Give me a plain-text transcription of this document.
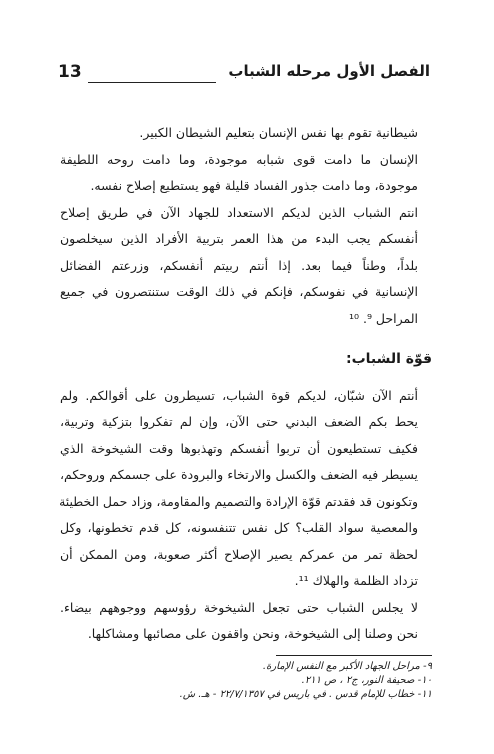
13	الفصل الأول مرحله الشباب

شيطانية تقوم بها نفس الإنسان بتعليم الشيطان الكبير.

الإنسان ما دامت قوى شبابه موجودة، وما دامت روحه اللطيفة
موجودة، وما دامت جذور الفساد قليلة فهو يستطيع إصلاح نفسه.

انتم الشباب الذين لديكم الاستعداد للجهاد الآن في طريق إصلاح
أنفسكم يجب البدء من هذا العمر بتربية الأفراد الذين سيخلصون
بلداً، وطناً فيما بعد. إذا أنتم ربيتم أنفسكم، وزرعتم الفضائل
الإنسانية في نفوسكم، فإنكم في ذلك الوقت ستنتصرون في جميع
المراحل ⁹. ¹⁰

قوّة الشباب:

أنتم الآن شبّان، لديكم قوة الشباب، تسيطرون على أقوالكم. ولم
يحط بكم الضعف البدني حتى الآن، وإن لم تفكروا بتزكية وتربية،
فكيف تستطيعون أن تربوا أنفسكم وتهذبوها وقت الشيخوخة الذي
يسيطر فيه الضعف والكسل والارتخاء والبرودة على جسمكم وروحكم،
وتكونون قد فقدتم قوّة الإرادة والتصميم والمقاومة، وزاد حمل الخطيئة
والمعصية سواد القلب؟ كل نفس تتنفسونه، كل قدم تخطونها، وكل
لحظة تمر من عمركم يصير الإصلاح أكثر صعوبة، ومن الممكن أن
تزداد الظلمة والهلاك ¹¹.

لا يجلس الشباب حتى تجعل الشيخوخة رؤوسهم ووجوههم بيضاء.
نحن وصلنا إلى الشيخوخة، ونحن واقفون على مصائبها ومشاكلها.

٩- مراحل الجهاد الأكبر مع النفس الإمارة.
١٠- صحيفة النور، ج٢ ، ص ٢١١.
١١- خطاب للإمام قدس . في باريس في ٢٢/٧/١٣٥٧ - هـ. ش.
